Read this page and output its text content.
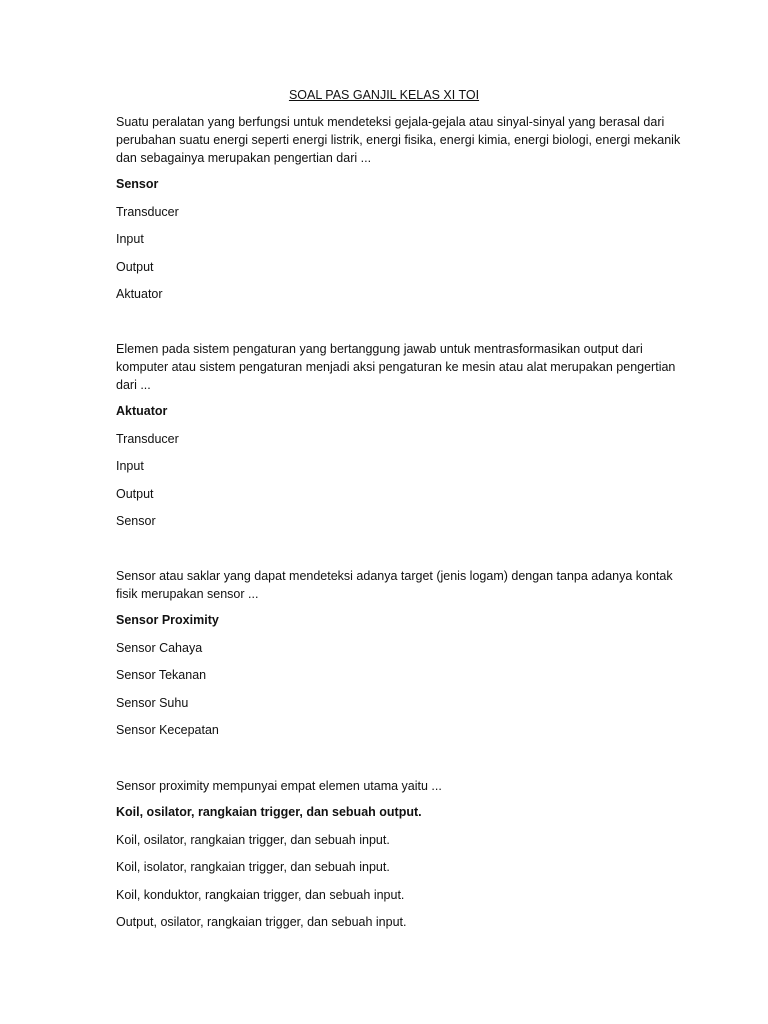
SOAL PAS GANJIL KELAS XI TOI
Suatu peralatan yang berfungsi untuk mendeteksi gejala-gejala atau sinyal-sinyal yang berasal dari perubahan suatu energi seperti energi listrik, energi fisika, energi kimia, energi biologi, energi mekanik dan sebagainya merupakan pengertian dari ...
Sensor
Transducer
Input
Output
Aktuator
Elemen pada sistem pengaturan yang bertanggung jawab untuk mentrasformasikan output dari komputer atau sistem pengaturan menjadi aksi pengaturan ke mesin atau alat merupakan pengertian dari ...
Aktuator
Transducer
Input
Output
Sensor
Sensor atau saklar yang dapat mendeteksi adanya target (jenis logam) dengan tanpa adanya kontak fisik merupakan sensor ...
Sensor Proximity
Sensor Cahaya
Sensor Tekanan
Sensor Suhu
Sensor Kecepatan
Sensor proximity mempunyai empat elemen utama yaitu ...
Koil, osilator, rangkaian trigger, dan sebuah output.
Koil, osilator, rangkaian trigger, dan sebuah input.
Koil, isolator, rangkaian trigger, dan sebuah input.
Koil, konduktor, rangkaian trigger, dan sebuah input.
Output, osilator, rangkaian trigger, dan sebuah input.
